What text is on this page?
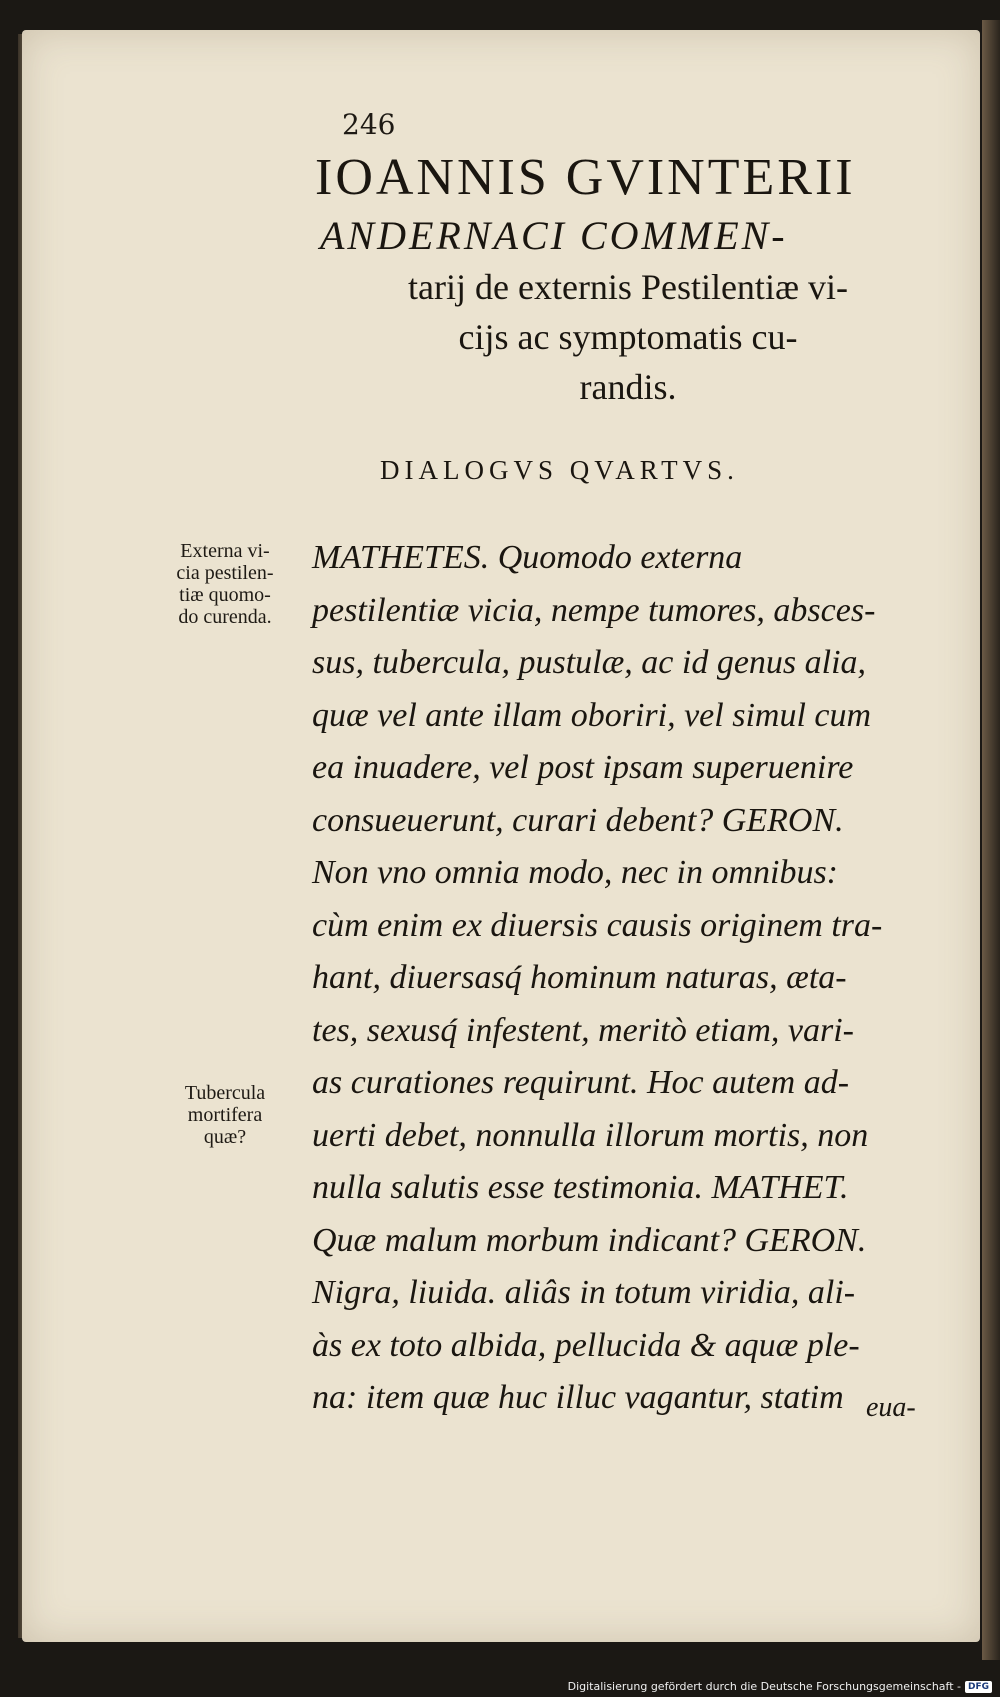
246
IOANNIS GVINTERII
ANDERNACI COMMEN-
tarij de externis Pestilentiæ vi-
cijs ac symptomatis cu-
randis.
DIALOGVS QVARTVS.
Externa vi-
cia pestilen-
tiæ quomo-
do curenda.
Tubercula
mortifera
quæ?
MATHETES. Quomodo externa
pestilentiæ vicia, nempe tumores, absces-
sus, tubercula, pustulæ, ac id genus alia,
quæ vel ante illam oboriri, vel simul cum
ea inuadere, vel post ipsam superuenire
consueuerunt, curari debent? GERON.
Non vno omnia modo, nec in omnibus:
cùm enim ex diuersis causis originem tra-
hant, diuersasq́ hominum naturas, æta-
tes, sexusq́ infestent, meritò etiam, vari-
as curationes requirunt. Hoc autem ad-
uerti debet, nonnulla illorum mortis, non
nulla salutis esse testimonia. MATHET.
Quæ malum morbum indicant? GERON.
Nigra, liuida. aliâs in totum viridia, ali-
às ex toto albida, pellucida & aquæ ple-
na: item quæ huc illuc vagantur, statim eua-
Digitalisierung gefördert durch die Deutsche Forschungsgemeinschaft - DFG
